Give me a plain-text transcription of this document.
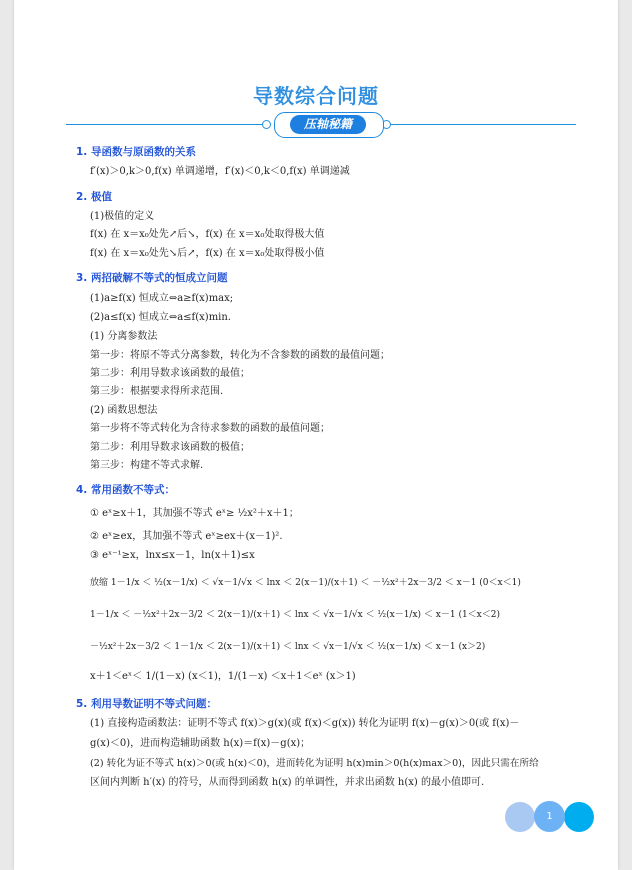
导数综合问题
压轴秘籍
1. 导函数与原函数的关系
f′(x)＞0,k＞0,f(x) 单调递增，f′(x)＜0,k＜0,f(x) 单调递减
2. 极值
(1)极值的定义
f(x) 在 x＝x₀处先↗后↘，f(x) 在 x＝x₀处取得极大值
f(x) 在 x＝x₀处先↘后↗，f(x) 在 x＝x₀处取得极小值
3. 两招破解不等式的恒成立问题
(1)a≥f(x) 恒成立⇔a≥f(x)max;
(2)a≤f(x) 恒成立⇔a≤f(x)min.
(1) 分离参数法
第一步：将原不等式分离参数，转化为不含参数的函数的最值问题；
第二步：利用导数求该函数的最值；
第三步：根据要求得所求范围.
(2) 函数思想法
第一步将不等式转化为含待求参数的函数的最值问题；
第二步：利用导数求该函数的极值；
第三步：构建不等式求解.
4. 常用函数不等式：
① eˣ≥x＋1，其加强不等式 eˣ≥ ½x²＋x＋1；
② eˣ≥ex，其加强不等式 eˣ≥ex＋(x－1)².
③ eˣ⁻¹≥x，lnx≤x－1，ln(x＋1)≤x
放缩 1－1/x ＜ ½(x－1/x) ＜ √x－1/√x ＜ lnx ＜ 2(x－1)/(x＋1) ＜ －½x²＋2x－3/2 ＜ x－1 (0＜x＜1)
1－1/x ＜ －½x²＋2x－3/2 ＜ 2(x－1)/(x＋1) ＜ lnx ＜ √x－1/√x ＜ ½(x－1/x) ＜ x－1 (1＜x＜2)
－½x²＋2x－3/2 ＜ 1－1/x ＜ 2(x－1)/(x＋1) ＜ lnx ＜ √x－1/√x ＜ ½(x－1/x) ＜ x－1 (x＞2)
x＋1＜eˣ＜ 1/(1－x) (x＜1)，1/(1－x) ＜x＋1＜eˣ (x＞1)
5. 利用导数证明不等式问题：
(1) 直接构造函数法：证明不等式 f(x)＞g(x)(或 f(x)＜g(x)) 转化为证明 f(x)－g(x)＞0(或 f(x)－
g(x)＜0)，进而构造辅助函数 h(x)＝f(x)－g(x)；
(2) 转化为证不等式 h(x)＞0(或 h(x)＜0)，进而转化为证明 h(x)min＞0(h(x)max＞0)，因此只需在所给
区间内判断 h′(x) 的符号，从而得到函数 h(x) 的单调性，并求出函数 h(x) 的最小值即可.
1
